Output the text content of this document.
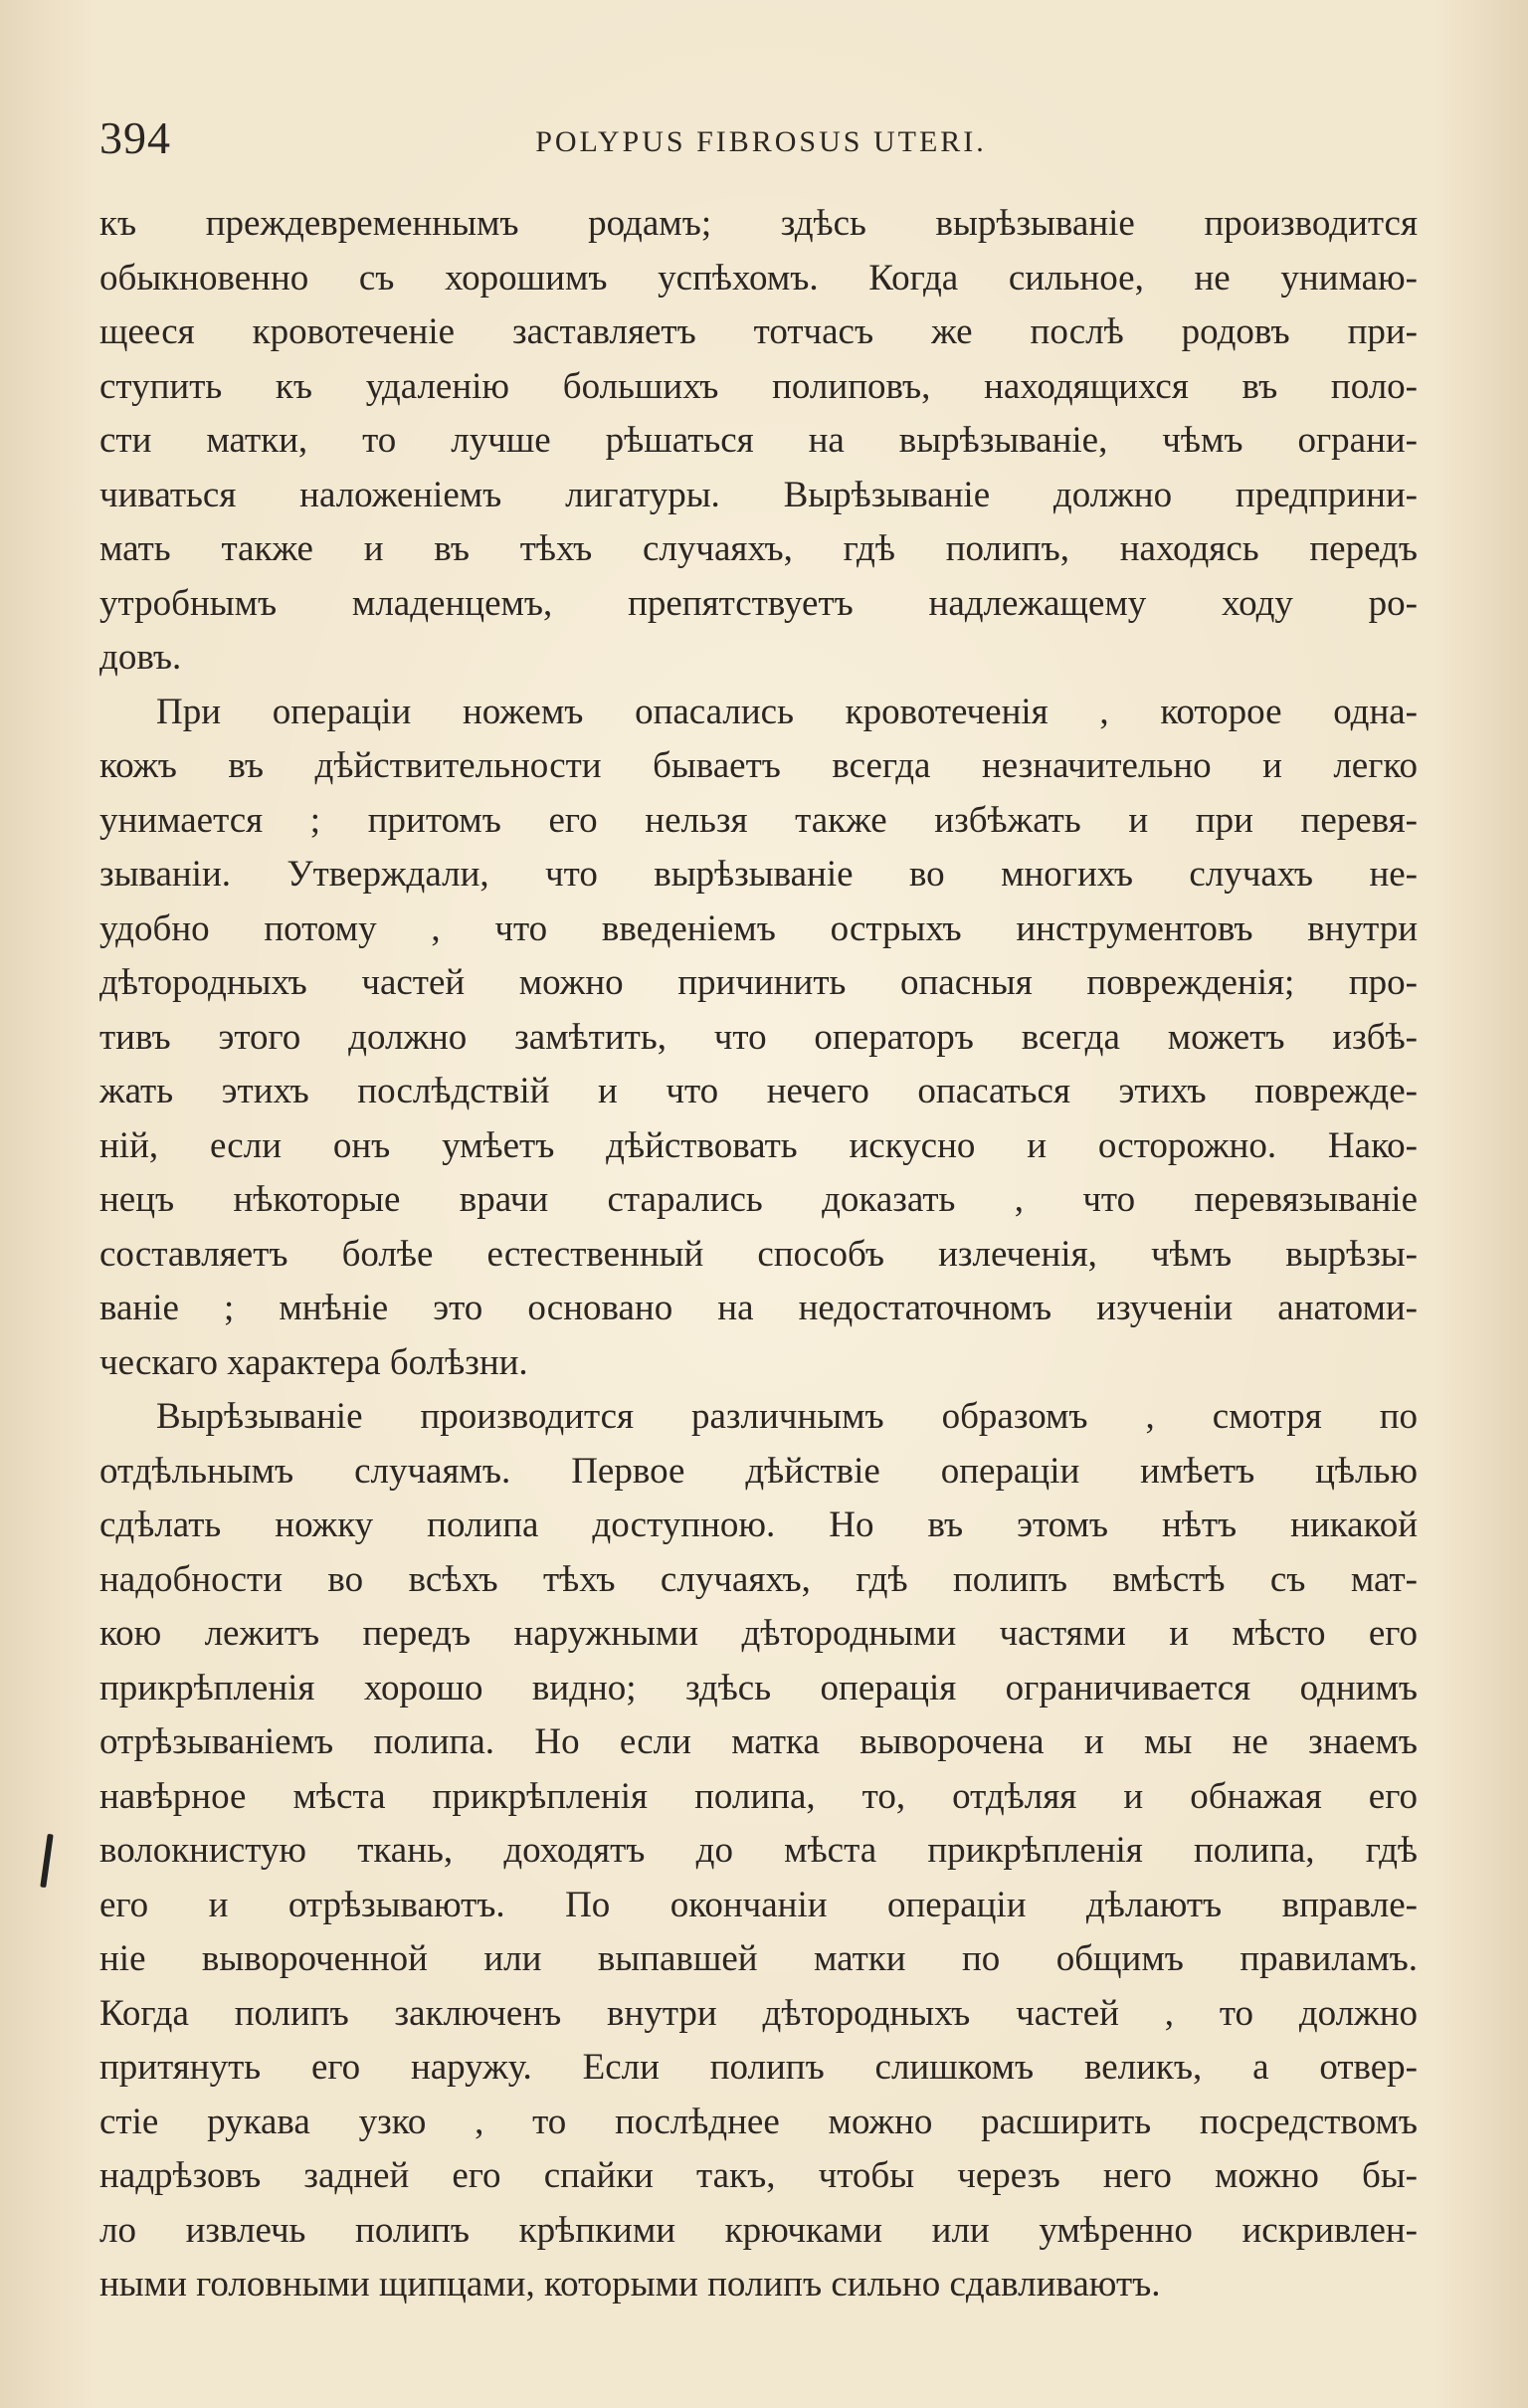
394	POLYPUS FIBROSUS UTERI.
къ преждевременнымъ родамъ; здѣсь вырѣзываніе производится
обыкновенно съ хорошимъ успѣхомъ. Когда сильное, не унимаю-
щееся кровотеченіе заставляетъ тотчасъ же послѣ родовъ при-
ступить къ удаленію большихъ полиповъ, находящихся въ поло-
сти матки, то лучше рѣшаться на вырѣзываніе, чѣмъ ограни-
чиваться наложеніемъ лигатуры. Вырѣзываніе должно предприни-
мать также и въ тѣхъ случаяхъ, гдѣ полипъ, находясь передъ
утробнымъ младенцемъ, препятствуетъ надлежащему ходу ро-
довъ.
При операціи ножемъ опасались кровотеченія , которое одна-
кожъ въ дѣйствительности бываетъ всегда незначительно и легко
унимается ; притомъ его нельзя также избѣжать и при перевя-
зываніи. Утверждали, что вырѣзываніе во многихъ случахъ не-
удобно потому , что введеніемъ острыхъ инструментовъ внутри
дѣтородныхъ частей можно причинить опасныя поврежденія; про-
тивъ этого должно замѣтить, что операторъ всегда можетъ избѣ-
жать этихъ послѣдствій и что нечего опасаться этихъ поврежде-
ній, если онъ умѣетъ дѣйствовать искусно и осторожно. Нако-
нецъ нѣкоторые врачи старались доказать , что перевязываніе
составляетъ болѣе естественный способъ излеченія, чѣмъ вырѣзы-
ваніе ; мнѣніе это основано на недостаточномъ изученіи анатоми-
ческаго характера болѣзни.
Вырѣзываніе производится различнымъ образомъ , смотря по
отдѣльнымъ случаямъ. Первое дѣйствіе операціи имѣетъ цѣлью
сдѣлать ножку полипа доступною. Но въ этомъ нѣтъ никакой
надобности во всѣхъ тѣхъ случаяхъ, гдѣ полипъ вмѣстѣ съ мат-
кою лежитъ передъ наружными дѣтородными частями и мѣсто его
прикрѣпленія хорошо видно; здѣсь операція ограничивается однимъ
отрѣзываніемъ полипа. Но если матка выворочена и мы не знаемъ
навѣрное мѣста прикрѣпленія полипа, то, отдѣляя и обнажая его
волокнистую ткань, доходятъ до мѣста прикрѣпленія полипа, гдѣ
его и отрѣзываютъ. По окончаніи операціи дѣлаютъ вправле-
ніе вывороченной или выпавшей матки по общимъ правиламъ.
Когда полипъ заключенъ внутри дѣтородныхъ частей , то должно
притянуть его наружу. Если полипъ слишкомъ великъ, а отвер-
стіе рукава узко , то послѣднее можно расширить посредствомъ
надрѣзовъ задней его спайки такъ, чтобы черезъ него можно бы-
ло извлечь полипъ крѣпкими крючками или умѣренно искривлен-
ными головными щипцами, которыми полипъ сильно сдавливаютъ.
